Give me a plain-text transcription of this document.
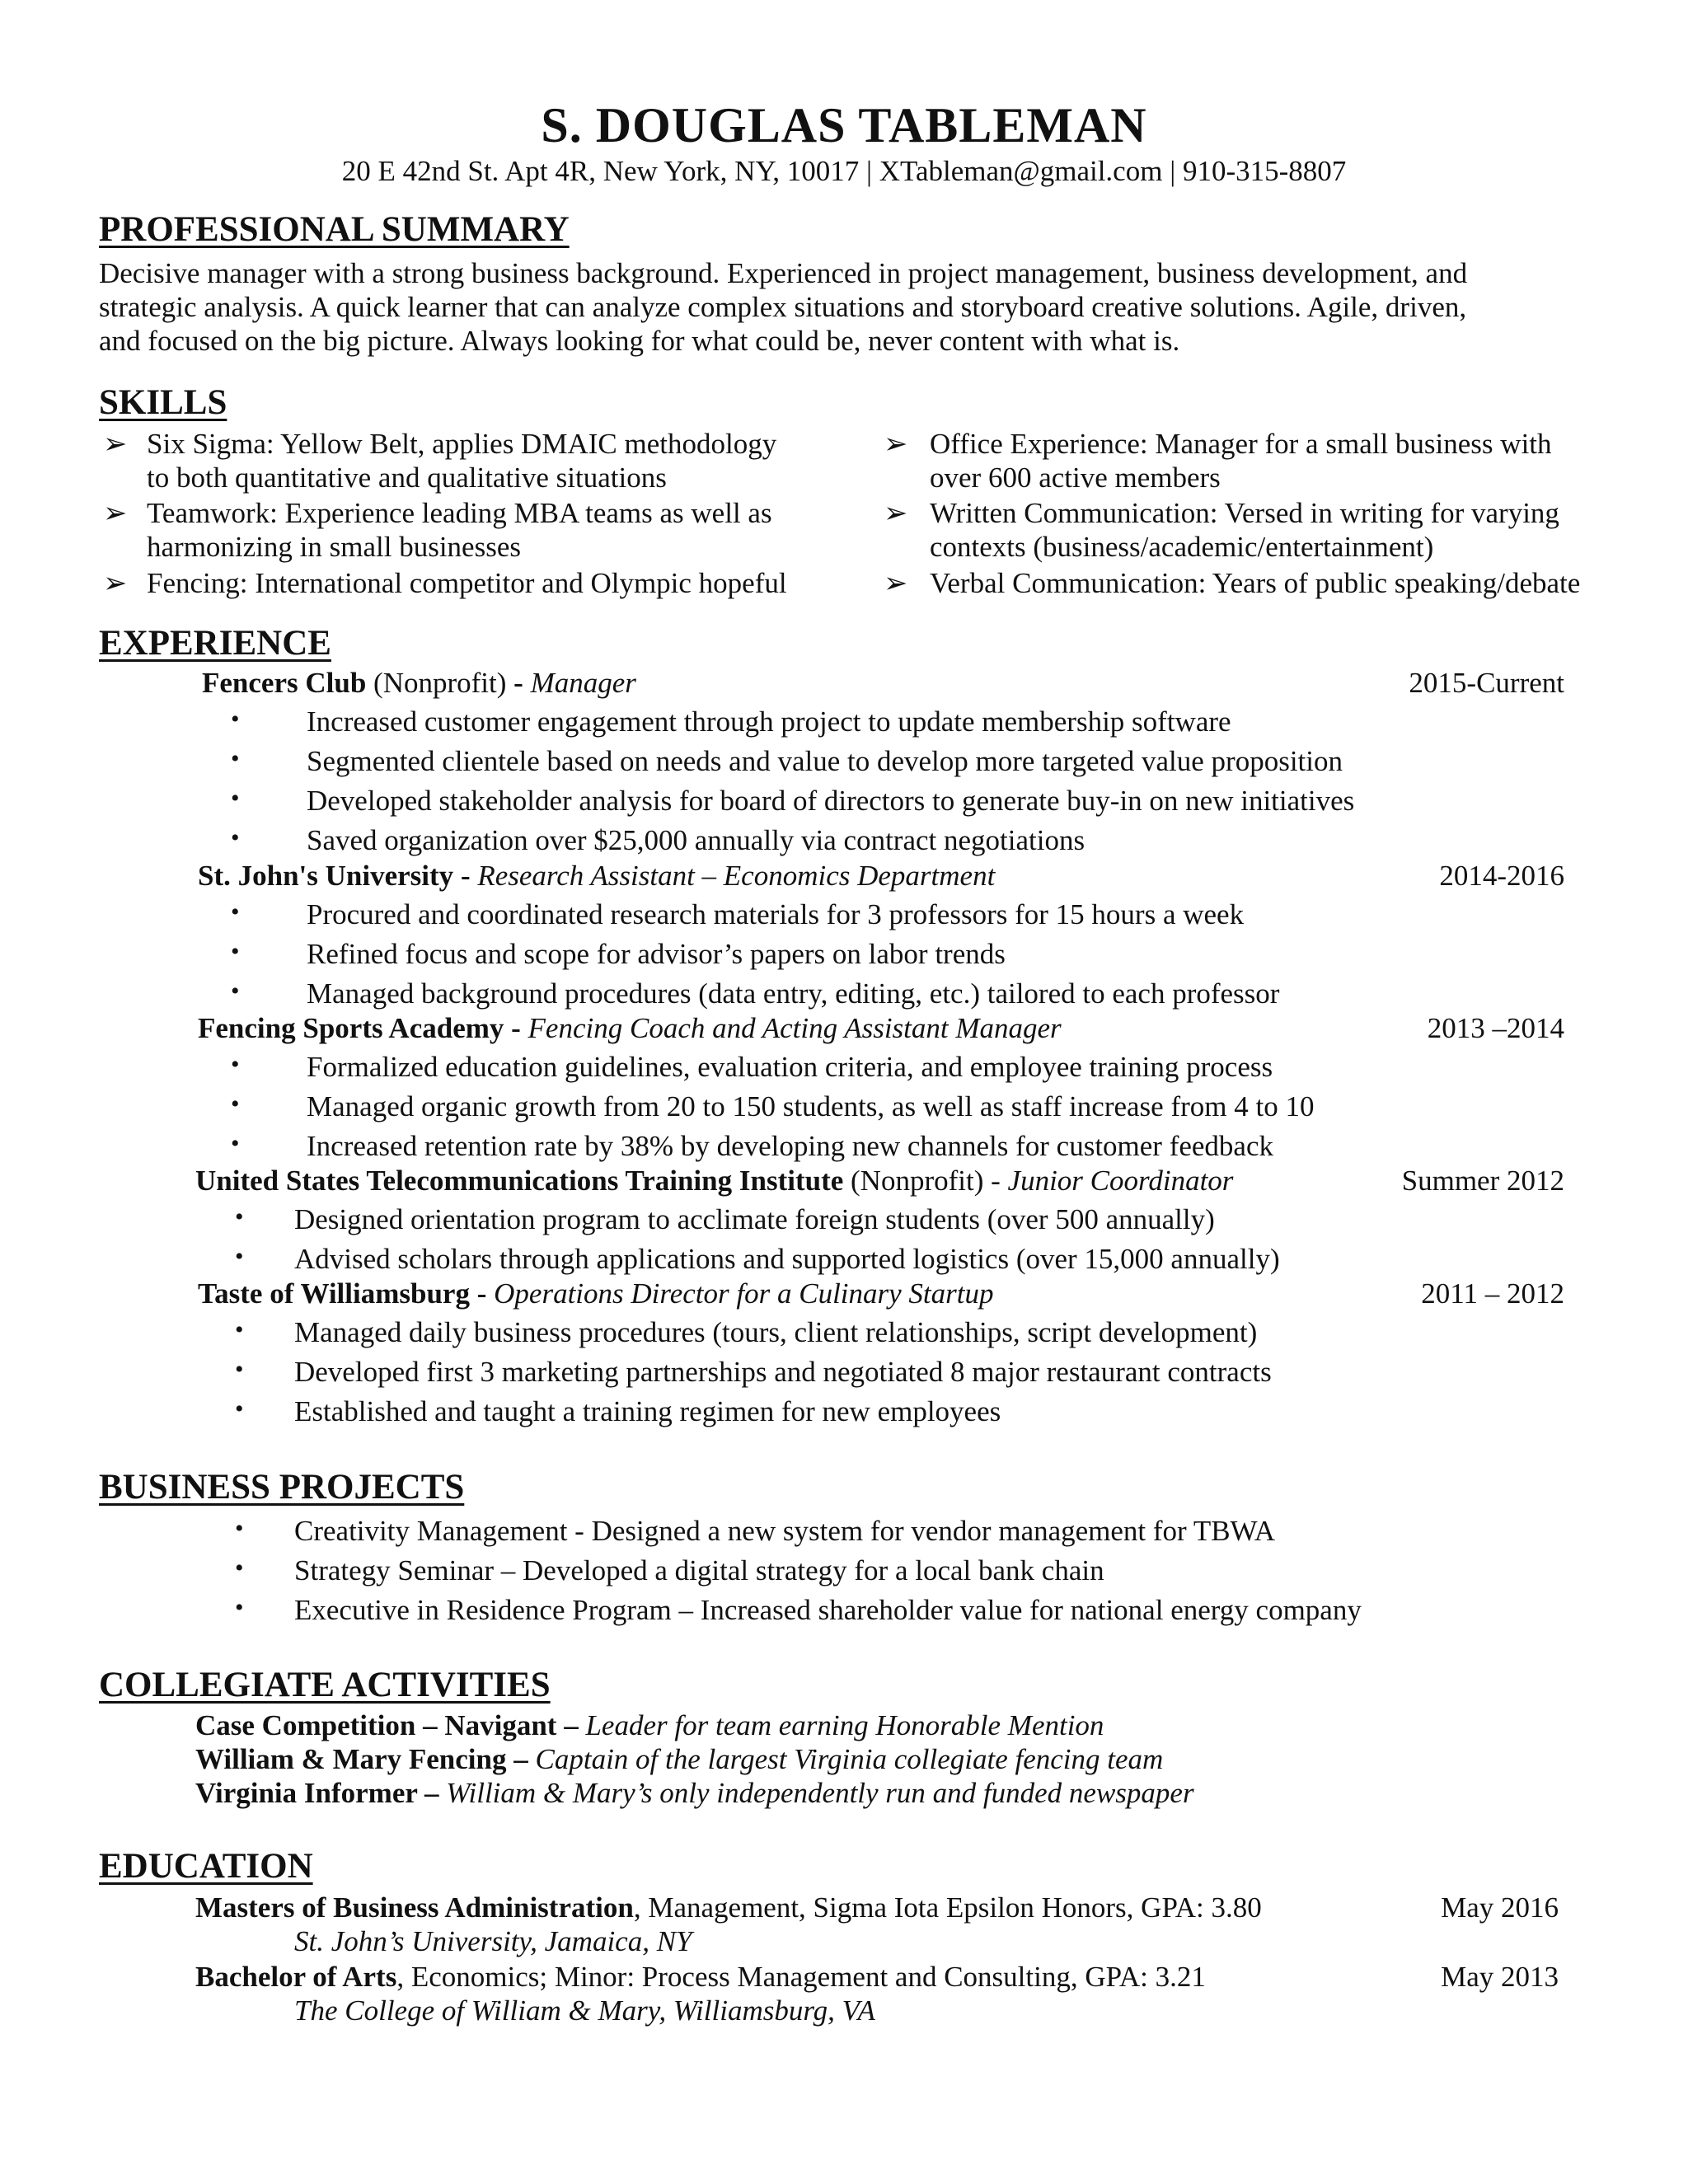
S. DOUGLAS TABLEMAN
20 E 42nd St. Apt 4R, New York, NY, 10017 | XTableman@gmail.com | 910-315-8807
PROFESSIONAL SUMMARY
Decisive manager with a strong business background. Experienced in project management, business development, and
strategic analysis. A quick learner that can analyze complex situations and storyboard creative solutions. Agile, driven,
and focused on the big picture. Always looking for what could be, never content with what is.
SKILLS
➢ Six Sigma: Yellow Belt, applies DMAIC methodology
to both quantitative and qualitative situations
➢ Teamwork: Experience leading MBA teams as well as
harmonizing in small businesses
➢ Fencing: International competitor and Olympic hopeful
➢ Office Experience: Manager for a small business with
over 600 active members
➢ Written Communication: Versed in writing for varying
contexts (business/academic/entertainment)
➢ Verbal Communication: Years of public speaking/debate
EXPERIENCE
Fencers Club (Nonprofit) - Manager	2015-Current
• Increased customer engagement through project to update membership software
• Segmented clientele based on needs and value to develop more targeted value proposition
• Developed stakeholder analysis for board of directors to generate buy-in on new initiatives
• Saved organization over $25,000 annually via contract negotiations
St. John's University - Research Assistant – Economics Department	2014-2016
• Procured and coordinated research materials for 3 professors for 15 hours a week
• Refined focus and scope for advisor’s papers on labor trends
• Managed background procedures (data entry, editing, etc.) tailored to each professor
Fencing Sports Academy - Fencing Coach and Acting Assistant Manager	2013 –2014
• Formalized education guidelines, evaluation criteria, and employee training process
• Managed organic growth from 20 to 150 students, as well as staff increase from 4 to 10
• Increased retention rate by 38% by developing new channels for customer feedback
United States Telecommunications Training Institute (Nonprofit) - Junior Coordinator	Summer 2012
• Designed orientation program to acclimate foreign students (over 500 annually)
• Advised scholars through applications and supported logistics (over 15,000 annually)
Taste of Williamsburg - Operations Director for a Culinary Startup	2011 – 2012
• Managed daily business procedures (tours, client relationships, script development)
• Developed first 3 marketing partnerships and negotiated 8 major restaurant contracts
• Established and taught a training regimen for new employees
BUSINESS PROJECTS
• Creativity Management - Designed a new system for vendor management for TBWA
• Strategy Seminar – Developed a digital strategy for a local bank chain
• Executive in Residence Program – Increased shareholder value for national energy company
COLLEGIATE ACTIVITIES
Case Competition – Navigant – Leader for team earning Honorable Mention
William & Mary Fencing – Captain of the largest Virginia collegiate fencing team
Virginia Informer – William & Mary’s only independently run and funded newspaper
EDUCATION
Masters of Business Administration, Management, Sigma Iota Epsilon Honors, GPA: 3.80	May 2016
St. John’s University, Jamaica, NY
Bachelor of Arts, Economics; Minor: Process Management and Consulting, GPA: 3.21	May 2013
The College of William & Mary, Williamsburg, VA
